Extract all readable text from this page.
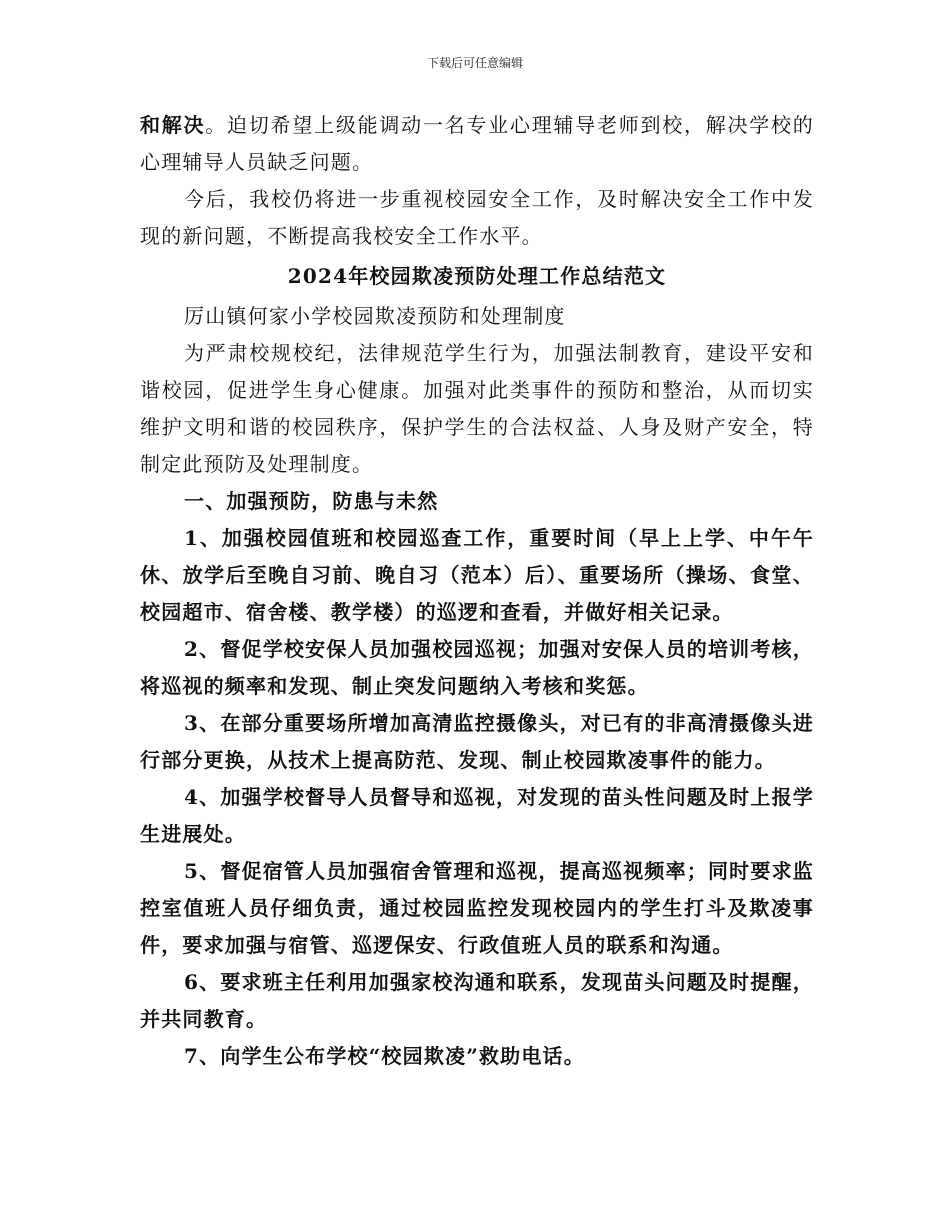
下载后可任意编辑

和解决。迫切希望上级能调动一名专业心理辅导老师到校，解决学校的心理辅导人员缺乏问题。

今后，我校仍将进一步重视校园安全工作，及时解决安全工作中发现的新问题，不断提高我校安全工作水平。

2024年校园欺凌预防处理工作总结范文

厉山镇何家小学校园欺凌预防和处理制度

为严肃校规校纪，法律规范学生行为，加强法制教育，建设平安和谐校园，促进学生身心健康。加强对此类事件的预防和整治，从而切实维护文明和谐的校园秩序，保护学生的合法权益、人身及财产安全，特制定此预防及处理制度。

一、加强预防，防患与未然

1、加强校园值班和校园巡查工作，重要时间（早上上学、中午午休、放学后至晚自习前、晚自习（范本）后）、重要场所（操场、食堂、校园超市、宿舍楼、教学楼）的巡逻和查看，并做好相关记录。

2、督促学校安保人员加强校园巡视；加强对安保人员的培训考核，将巡视的频率和发现、制止突发问题纳入考核和奖惩。

3、在部分重要场所增加高清监控摄像头，对已有的非高清摄像头进行部分更换，从技术上提高防范、发现、制止校园欺凌事件的能力。

4、加强学校督导人员督导和巡视，对发现的苗头性问题及时上报学生进展处。

5、督促宿管人员加强宿舍管理和巡视，提高巡视频率；同时要求监控室值班人员仔细负责，通过校园监控发现校园内的学生打斗及欺凌事件，要求加强与宿管、巡逻保安、行政值班人员的联系和沟通。

6、要求班主任利用加强家校沟通和联系，发现苗头问题及时提醒，并共同教育。

7、向学生公布学校“校园欺凌”救助电话。
